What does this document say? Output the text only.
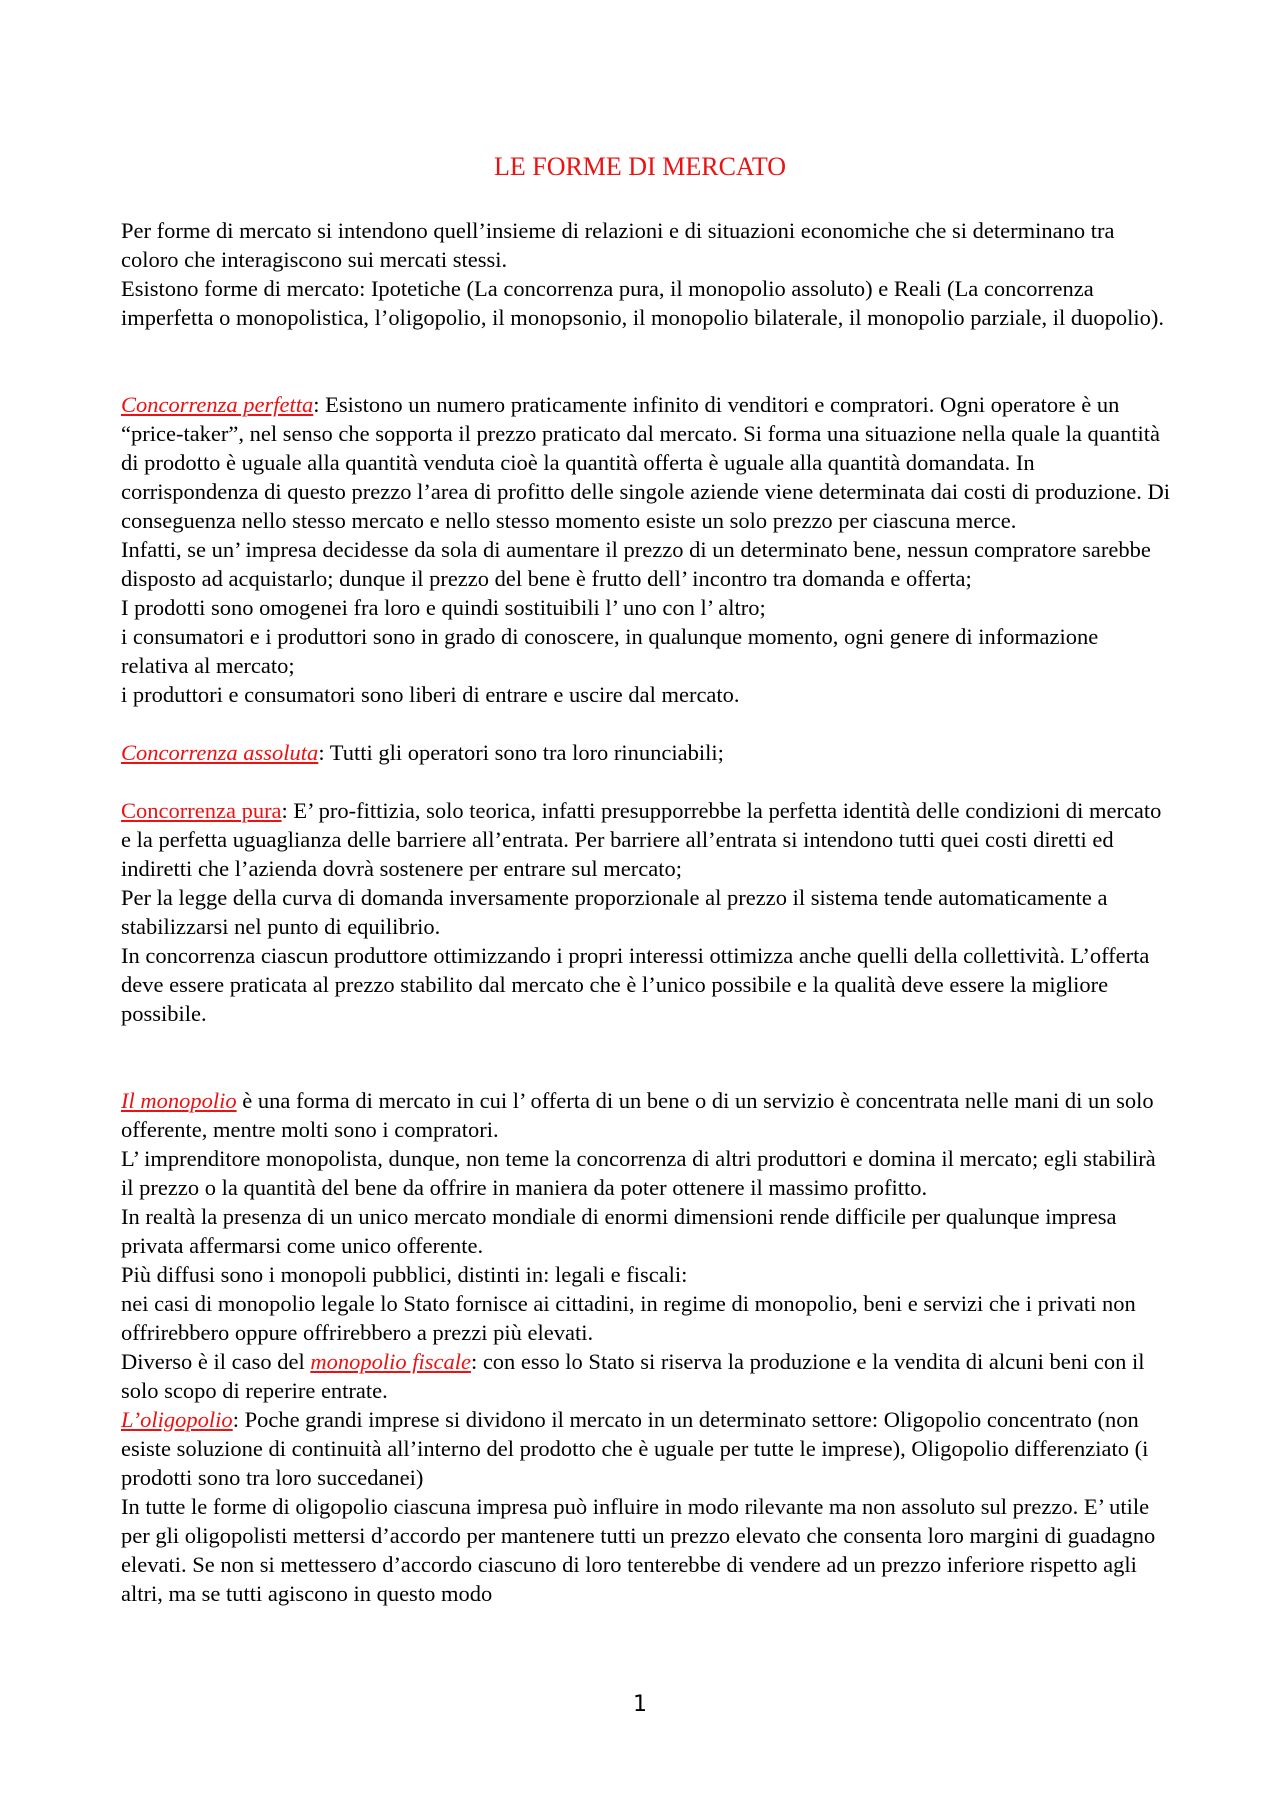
LE FORME DI MERCATO

Per forme di mercato si intendono quell’insieme di relazioni e di situazioni economiche che si determinano tra coloro che interagiscono sui mercati stessi.

Esistono forme di mercato: Ipotetiche (La concorrenza pura, il monopolio assoluto) e Reali (La concorrenza imperfetta o monopolistica, l’oligopolio, il monopsonio, il monopolio bilaterale, il monopolio parziale, il duopolio).

Concorrenza perfetta: Esistono un numero praticamente infinito di venditori e compratori. Ogni operatore è un “price-taker”, nel senso che sopporta il prezzo praticato dal mercato. Si forma una situazione nella quale la quantità di prodotto è uguale alla quantità venduta cioè la quantità offerta è uguale alla quantità domandata. In corrispondenza di questo prezzo l’area di profitto delle singole aziende viene determinata dai costi di produzione. Di conseguenza nello stesso mercato e nello stesso momento esiste un solo prezzo per ciascuna merce.

Infatti, se un’ impresa decidesse da sola di aumentare il prezzo di un determinato bene, nessun compratore sarebbe disposto ad acquistarlo; dunque il prezzo del bene è frutto dell’ incontro tra domanda e offerta;

I prodotti sono omogenei fra loro e quindi sostituibili l’ uno con l’ altro;

i consumatori e i produttori sono in grado di conoscere, in qualunque momento, ogni genere di informazione relativa al mercato;

i produttori e consumatori sono liberi di entrare e uscire dal mercato.

Concorrenza assoluta: Tutti gli operatori sono tra loro rinunciabili;

Concorrenza pura: E’ pro-fittizia, solo teorica, infatti presupporrebbe la perfetta identità delle condizioni di mercato e la perfetta uguaglianza delle barriere all’entrata. Per barriere all’entrata si intendono tutti quei costi diretti ed indiretti che l’azienda dovrà sostenere per entrare sul mercato;

Per la legge della curva di domanda inversamente proporzionale al prezzo il sistema tende automaticamente a stabilizzarsi nel punto di equilibrio.

In concorrenza ciascun produttore ottimizzando i propri interessi ottimizza anche quelli della collettività. L’offerta deve essere praticata al prezzo stabilito dal mercato che è l’unico possibile e la qualità deve essere la migliore possibile.

Il monopolio è una forma di mercato in cui l’ offerta di un bene o di un servizio è concentrata nelle mani di un solo offerente, mentre molti sono i compratori.

L’ imprenditore monopolista, dunque, non teme la concorrenza di altri produttori e domina il mercato; egli stabilirà il prezzo o la quantità del bene da offrire in maniera da poter ottenere il massimo profitto.

In realtà la presenza di un unico mercato mondiale di enormi dimensioni rende difficile per qualunque impresa privata affermarsi come unico offerente.

Più diffusi sono i monopoli pubblici, distinti in: legali e fiscali:

nei casi di monopolio legale lo Stato fornisce ai cittadini, in regime di monopolio, beni e servizi che i privati non offrirebbero oppure offrirebbero a prezzi più elevati.

Diverso è il caso del monopolio fiscale: con esso lo Stato si riserva la produzione e la vendita di alcuni beni con il solo scopo di reperire entrate.

L’oligopolio: Poche grandi imprese si dividono il mercato in un determinato settore: Oligopolio concentrato (non esiste soluzione di continuità all’interno del prodotto che è uguale per tutte le imprese), Oligopolio differenziato (i prodotti sono tra loro succedanei)

In tutte le forme di oligopolio ciascuna impresa può influire in modo rilevante ma non assoluto sul prezzo. E’ utile per gli oligopolisti mettersi d’accordo per mantenere tutti un prezzo elevato che consenta loro margini di guadagno elevati. Se non si mettessero d’accordo ciascuno di loro tenterebbe di vendere ad un prezzo inferiore rispetto agli altri, ma se tutti agiscono in questo modo

1
